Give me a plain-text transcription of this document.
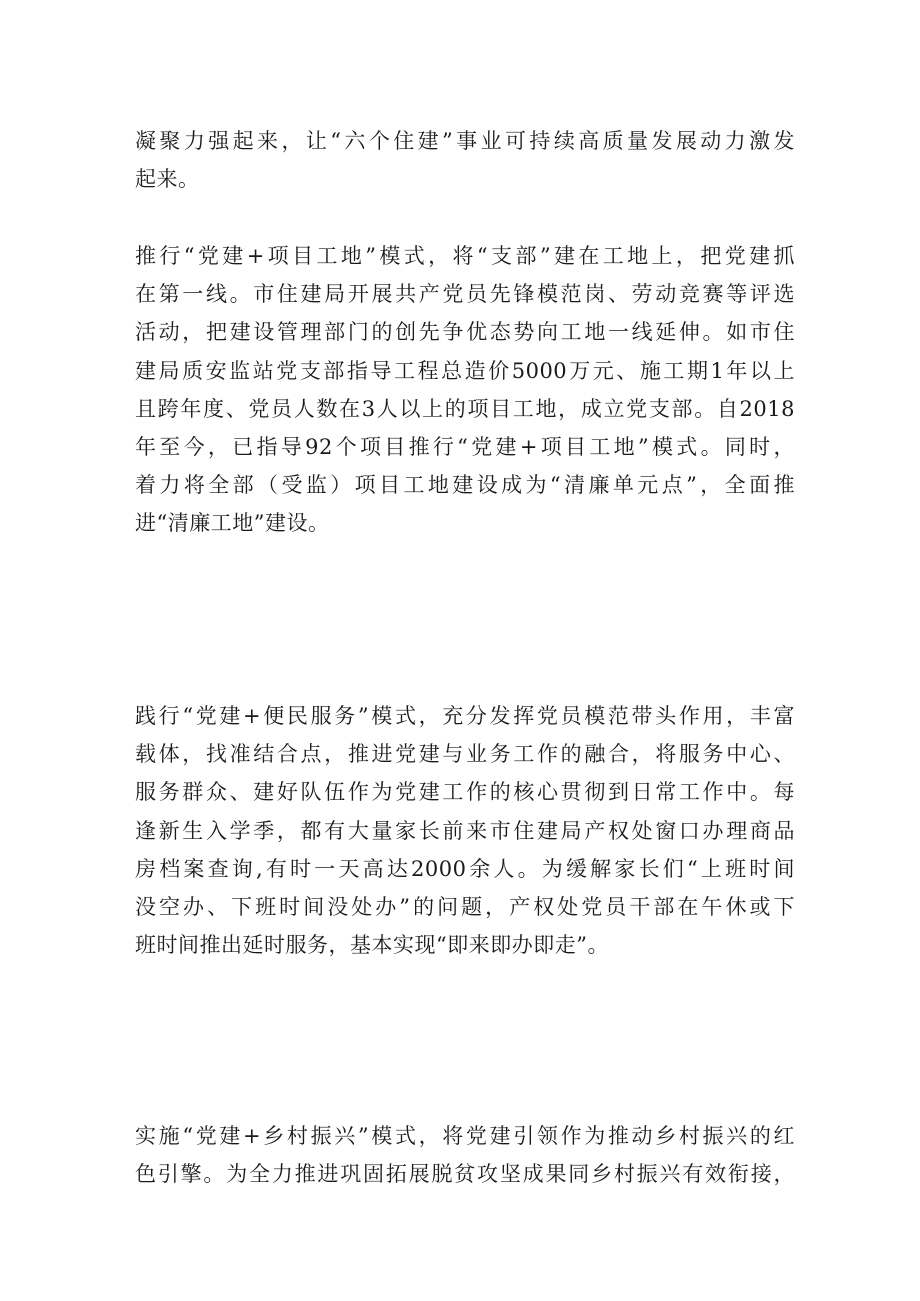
凝聚力强起来，让“六个住建”事业可持续高质量发展动力激发
起来。
推行“党建+项目工地”模式，将“支部”建在工地上，把党建抓
在第一线。市住建局开展共产党员先锋模范岗、劳动竞赛等评选
活动，把建设管理部门的创先争优态势向工地一线延伸。如市住
建局质安监站党支部指导工程总造价5000万元、施工期1年以上
且跨年度、党员人数在3人以上的项目工地，成立党支部。自2018
年至今，已指导92个项目推行“党建+项目工地”模式。同时，
着力将全部（受监）项目工地建设成为“清廉单元点”，全面推
进“清廉工地”建设。
践行“党建+便民服务”模式，充分发挥党员模范带头作用，丰富
载体，找准结合点，推进党建与业务工作的融合，将服务中心、
服务群众、建好队伍作为党建工作的核心贯彻到日常工作中。每
逢新生入学季，都有大量家长前来市住建局产权处窗口办理商品
房档案查询,有时一天高达2000余人。为缓解家长们“上班时间
没空办、下班时间没处办”的问题，产权处党员干部在午休或下
班时间推出延时服务，基本实现“即来即办即走”。
实施“党建+乡村振兴”模式，将党建引领作为推动乡村振兴的红
色引擎。为全力推进巩固拓展脱贫攻坚成果同乡村振兴有效衔接，
